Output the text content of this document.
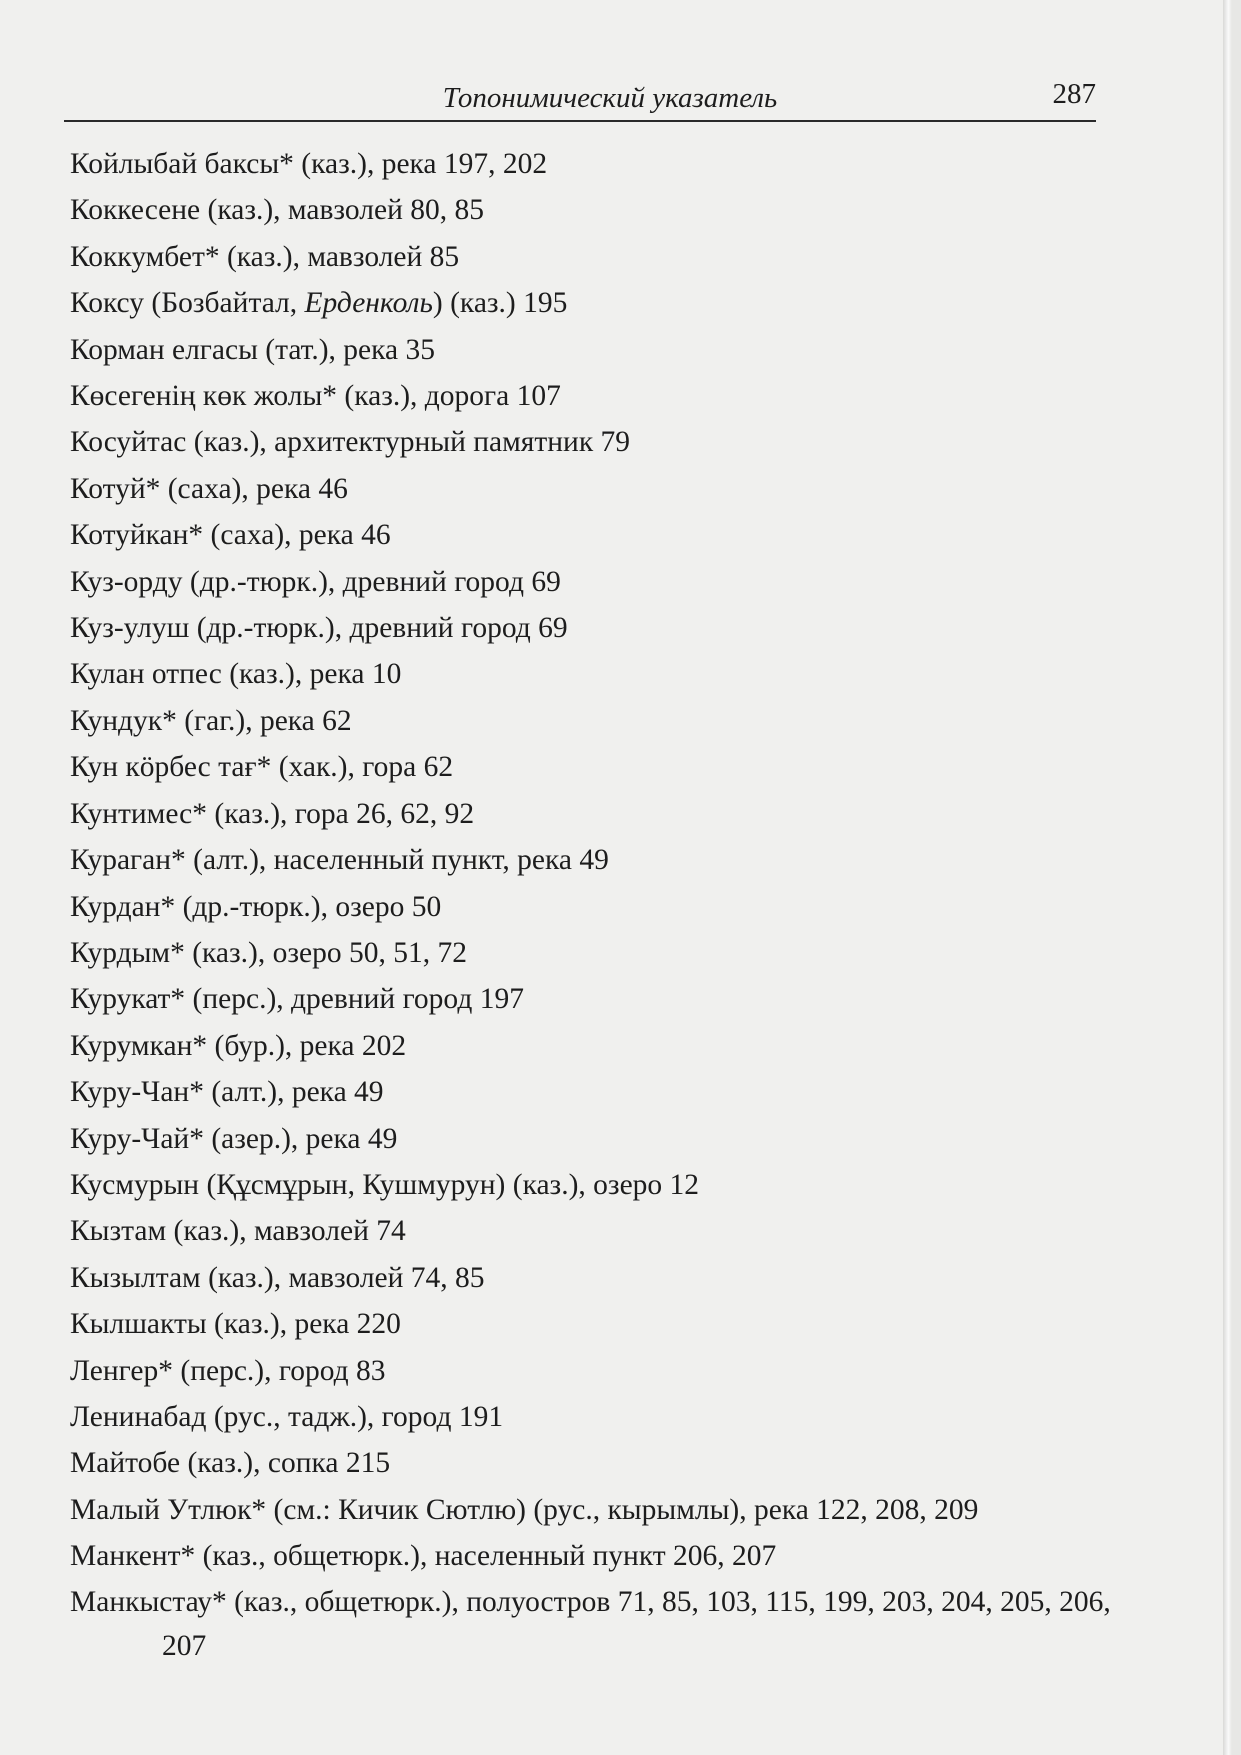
Топонимический указатель	287
Койлыбай баксы* (каз.), река 197, 202
Коккесене (каз.), мавзолей 80, 85
Коккумбет* (каз.), мавзолей 85
Коксу (Бозбайтал, Ерденколь) (каз.) 195
Корман елгасы (тат.), река 35
Көсегенің көк жолы* (каз.), дорога 107
Косуйтас (каз.), архитектурный памятник 79
Котуй* (саха), река 46
Котуйкан* (саха), река 46
Куз-орду (др.-тюрк.), древний город 69
Куз-улуш (др.-тюрк.), древний город 69
Кулан отпес (каз.), река 10
Кундук* (гаг.), река 62
Кун кöрбес тағ* (хак.), гора 62
Кунтимес* (каз.), гора 26, 62, 92
Кураган* (алт.), населенный пункт, река 49
Курдан* (др.-тюрк.), озеро 50
Курдым* (каз.), озеро 50, 51, 72
Курукат* (перс.), древний город 197
Курумкан* (бур.), река 202
Куру-Чан* (алт.), река 49
Куру-Чай* (азер.), река 49
Кусмурын (Құсмұрын, Кушмурун) (каз.), озеро 12
Кызтам (каз.), мавзолей 74
Кызылтам (каз.), мавзолей 74, 85
Кылшакты (каз.), река 220
Ленгер* (перс.), город 83
Ленинабад (рус., тадж.), город 191
Майтобе (каз.), сопка 215
Малый Утлюк* (см.: Кичик Сютлю) (рус., кырымлы), река 122, 208, 209
Манкент* (каз., общетюрк.), населенный пункт 206, 207
Манкыстау* (каз., общетюрк.), полуостров 71, 85, 103, 115, 199, 203, 204, 205, 206, 207
